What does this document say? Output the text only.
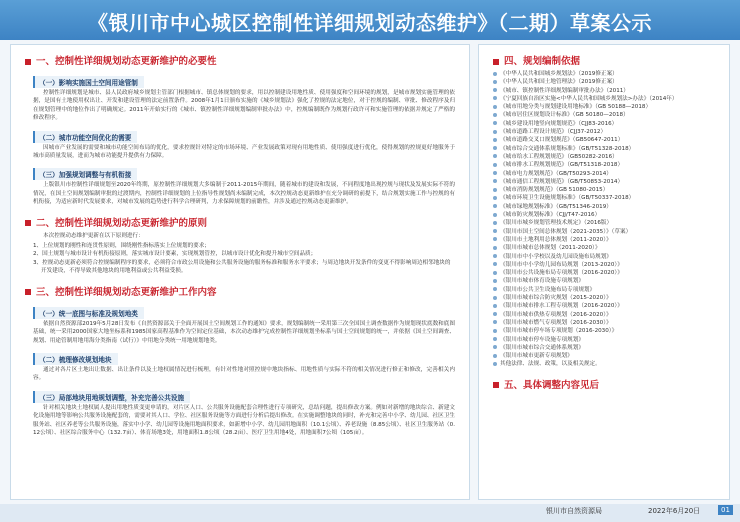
《银川市中心城区控制性详细规划动态维护》（二期）草案公示
一、控制性详细规划动态更新维护的必要性
（一）影响实施国土空间用途管制
控制性详细规划是城市、县人民政府城乡规划主管部门根据城市、镇总体规划的要求，用以控制建设用地性质、使用强度和空间环境的规划，是城市规划实施管理的依据，是国有土地使用权出让、开发和建设管理的法定前置条件。2008年1月1日颁布实施的《城乡规划法》强化了控规的法定地位，对于控规的编制、审批、修改程序及归在规划管理中的地位作出了明确规定。2011年开始实行的《城市、镇控制性详细规划编制审批办法》中，控规编制既作为规划行政许可和实施管理的依据并规定了严格的修改程序。
（二）城市功能空间优化的需要
因城市产业发展的需要和城市功能空间布局的优化，要求控规针对特定的市场环境、产业发展政策对现有用地性质、使用强度进行优化，使得规划的控规更好地服务于城市高质量发展，进而为城市功能提升提供有力保障。
（三）加强规划调整与有机衔接
上版银川市控制性详细规划至2020年终期，原控制性详细规划大多编制于2011-2015年期间，随着城市的建设和发展，不同程度地出现控规与现状及发展实际不符的情况，在国土空间规划编制审批的过渡期内，控制性详细规划的上位指导性规划尚未编制完成，本次控规动态更新维护在充分调研的前提下，结合规划实施工作与控规的有机衔接，为适应新时代发展要求，对城市发展的趋势进行科学合理研判，力求保障规划的前瞻性，并涉及通过控规动态更新维护。
二、控制性详细规划动态更新维护的原则
本次控规动态维护更新在以下原则进行：
1、上位规划的刚性和连贯性原则，围绕刚性指标落实上位规划的要求；
2、国土规划与城市设计有机衔接原则，落实城市设计要素，实现规划管控，以城市设计优化和提升城市空间品质；
3、控规动态更新必须符合控规编制程序的要求，必须符合市政公用设施和公共服务设施的服务标准和服务水平要求；与周边地块开发条件的变更不得影响周边相邻地块的开发建设，不得导致其他地块的用地利益或公共利益受损。
三、控制性详细规划动态更新维护工作内容
（一）统一底图与标准及规划地类
依据自然资源部2019年5月28日发布《自然资源部关于全面开展国土空间规划工作的通知》要求，规划编制统一采用第三次全国国土调查数据作为规划现状底数和底图基础，统一采用2000国家大地坐标系和1985国家高程基准作为空间定位基础，本次动态维护完成控制性详细规划坐标系与国土空间规划的统一，并依据《国土空间调查、规划、用途管制用地用海分类指南（试行）》中用地分类统一用地规划地类。
（二）梳理修改规划地块
通过对各片区土地出让数据、出让条件以及土地权属情况进行梳理，有针对性地对照控规中地块指标、用地性质与实际不符的相关情况进行修正和修改，完善相关内容。
（三）局部地块用地规划调整，补充完善公共设施
针对相关地块土地权属人提出用地性质变更申请的，对片区人口、公共服务设施配套合理性进行专项研究，总结问题，提出修改方案。例如对新增的地块综合、新建文化设施用地等影响公共服务设施配套的，需要对其人口、学位、社区服务设施等方面进行分析后提出修改。在实施调整地块的同时，补充和完善中小学、幼儿园、社区卫生服务站、社区养老等公共服务设施，落实中小学、幼儿园等设施用地面积要求，如新增中小学、幼儿园用地面积（10.1公顷）、养老设施（8.85公顷）、社区卫生服务站（0.12公顷）、社区综合服务中心（132.7亩）、体育场地3处，用地面积1.8公顷（28.2亩）、医疗卫生用地4处，用地面积7公顷（105亩）。
四、规划编制依据
《中华人民共和国城乡规划法》（2019修正案）
《中华人民共和国土地管理法》（2019修正案）
《城市、镇控制性详细规划编制审批办法》（2011）
《宁夏回族自治区实施<中华人民共和国城乡规划法>办法》（2014年）
《城市用地分类与规划建设用地标准》（GB 50188—2018）
《城市居住区规划设计标准》（GB 50180—2018）
《城乡建设用地竖向规划规范》（CJJ83-2016）
《城市道路工程设计规范》（CJJ37-2012）
《城市道路交叉口规划规范》（GB50647-2011）
《城市综合交通体系规划标准》（GB/T51328-2018）
《城市给水工程规划规范》（GB50282-2016）
《城市排水工程规划规范》（GB/T51318-2018）
《城市电力规划规范》（GB/T50293-2014）
《城市通信工程规划规范》（GB/T50853-2014）
《城市消防规划规范》（GB 51080-2015）
《城市环境卫生设施规划标准》（GB/T50337-2018）
《城市绿地规划标准》（GB/T51346-2019）
《城市防灾规划标准》（CJJ/T47-2016）
《银川市城乡规划管理技术规定》（2016版）
《银川市国土空间总体规划（2021-2035）》（草案）
《银川市土地利用总体规划（2011-2020）》
《银川市城市总体规划（2011-2020）》
《银川市中小学校以及幼儿园设施布局规划》
《银川市中小学幼儿园布局规划（2013-2020）》
《银川市公共设施布局专项规划（2016-2020）》
《银川市城市体育设施专项规划》
《银川市公共卫生设施布局专项规划》
《银川市城市综合防灾规划（2015-2020）》
《银川市城市排水工程专项规划（2016-2020）》
《银川市城市供热专项规划（2016-2020）》
《银川市城市燃气专项规划（2016-2030）》
《银川市城市停车场专项规划（2016-2030）》
《银川市城市停车设施专项规划》
《银川市城市综合交通体系规划》
《银川市城市更新专项规划》
其他法律、法规、政策，以及相关规定。
五、具体调整内容见后
银川市自然资源局	2022年6月20日	01
